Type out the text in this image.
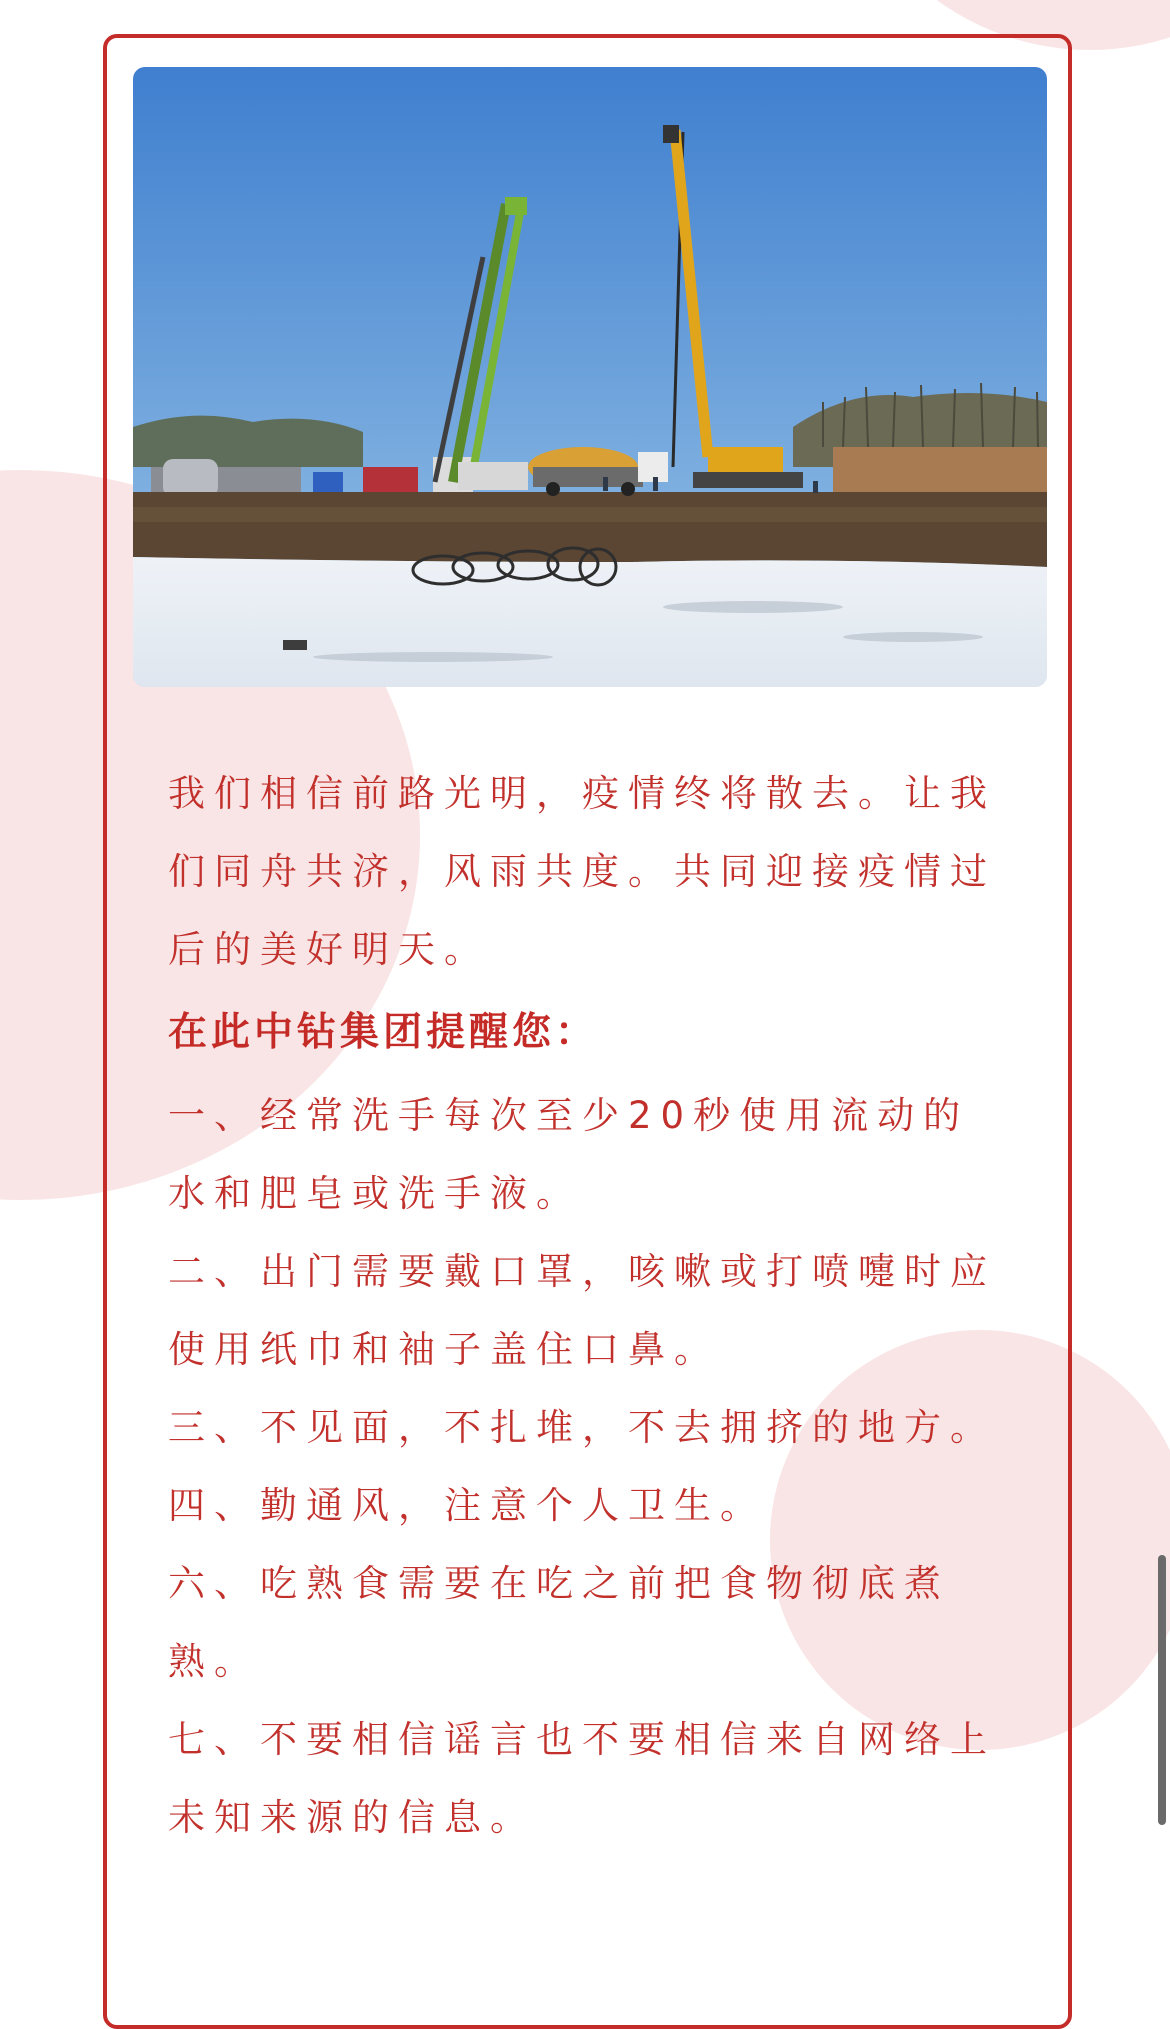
我们相信前路光明，疫情终将散去。让我们同舟共济，风雨共度。共同迎接疫情过后的美好明天。

在此中钻集团提醒您：

一、经常洗手每次至少20秒使用流动的水和肥皂或洗手液。

二、出门需要戴口罩，咳嗽或打喷嚏时应使用纸巾和袖子盖住口鼻。

三、不见面，不扎堆，不去拥挤的地方。

四、勤通风，注意个人卫生。

六、吃熟食需要在吃之前把食物彻底煮熟。

七、不要相信谣言也不要相信来自网络上未知来源的信息。
